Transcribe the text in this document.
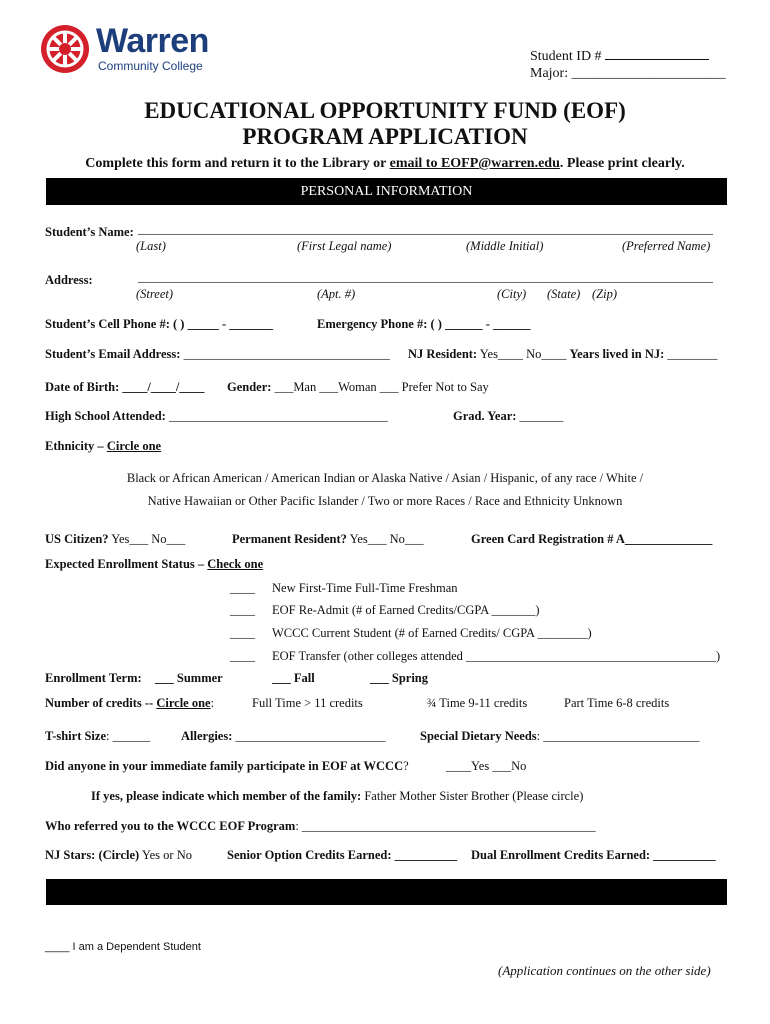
Warren
Community College
Student ID #
Major: ______________________
EDUCATIONAL OPPORTUNITY FUND (EOF)
PROGRAM APPLICATION
Complete this form and return it to the Library or email to EOFP@warren.edu. Please print clearly.
PERSONAL INFORMATION
Student’s Name: ____________________________________________________________________________________________
(Last)	(First Legal name)	(Middle Initial)	(Preferred Name)
Address:	____________________________________________________________________________________________
(Street)	(Apt. #)	(City) (State) (Zip)
Student’s Cell Phone #: ( ) _____ - _______	Emergency Phone #: ( ) ______ - ______
Student’s Email Address: _________________________________ NJ Resident: Yes____ No____ Years lived in NJ: ________
Date of Birth: ____/____/____ Gender: ___Man ___Woman ___ Prefer Not to Say
High School Attended: ___________________________________	Grad. Year: _______
Ethnicity – Circle one
Black or African American / American Indian or Alaska Native / Asian / Hispanic, of any race / White /
Native Hawaiian or Other Pacific Islander / Two or more Races / Race and Ethnicity Unknown
US Citizen? Yes___ No___	Permanent Resident? Yes___ No___	Green Card Registration # A______________
Expected Enrollment Status – Check one
____ New First-Time Full-Time Freshman
____ EOF Re-Admit (# of Earned Credits/CGPA _______)
____ WCCC Current Student (# of Earned Credits/ CGPA ________)
____ EOF Transfer (other colleges attended ________________________________________)
Enrollment Term: ___ Summer	___ Fall	___ Spring
Number of credits -- Circle one:	Full Time > 11 credits	¾ Time 9-11 credits	Part Time 6-8 credits
T-shirt Size: ______ Allergies: ________________________	Special Dietary Needs: _________________________
Did anyone in your immediate family participate in EOF at WCCC?	____Yes ___No
If yes, please indicate which member of the family: Father Mother Sister Brother (Please circle)
Who referred you to the WCCC EOF Program: _______________________________________________
NJ Stars: (Circle) Yes or No	Senior Option Credits Earned: __________ Dual Enrollment Credits Earned: __________
____ I am a Dependent Student
(Application continues on the other side)
